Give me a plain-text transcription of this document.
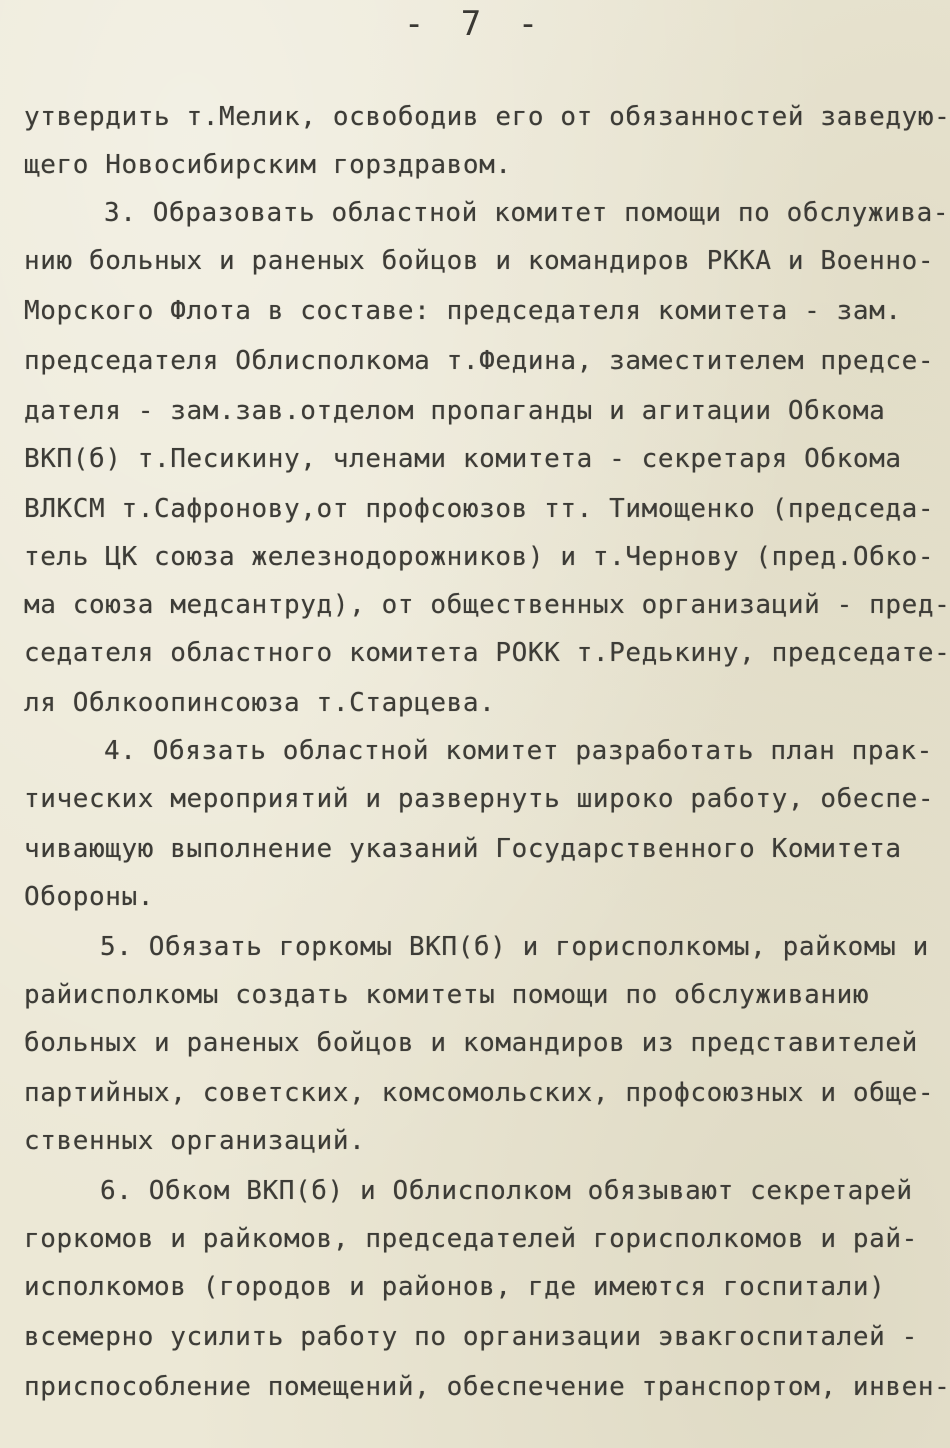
- 7 -
утвердить т.Мелик, освободив его от обязанностей заведую-
щего Новосибирским горздравом.
3. Образовать областной комитет помощи по обслужива-
нию больных и раненых бойцов и командиров РККА и Военно-
Морского Флота в составе: председателя комитета - зам.
председателя Облисполкома т.Федина, заместителем предсе-
дателя - зам.зав.отделом пропаганды и агитации Обкома
ВКП(б) т.Песикину, членами комитета - секретаря Обкома
ВЛКСМ т.Сафронову,от профсоюзов тт. Тимощенко (председа-
тель ЦК союза железнодорожников) и т.Чернову (пред.Обко-
ма союза медсантруд), от общественных организаций - пред-
седателя областного комитета РОКК т.Редькину, председате-
ля Облкоопинсоюза т.Старцева.
4. Обязать областной комитет разработать план прак-
тических мероприятий и развернуть широко работу, обеспе-
чивающую выполнение указаний Государственного Комитета
Обороны.
5. Обязать горкомы ВКП(б) и горисполкомы, райкомы и
райисполкомы создать комитеты помощи по обслуживанию
больных и раненых бойцов и командиров из представителей
партийных, советских, комсомольских, профсоюзных и обще-
ственных организаций.
6. Обком ВКП(б) и Облисполком обязывают секретарей
горкомов и райкомов, председателей горисполкомов и рай-
исполкомов (городов и районов, где имеются госпитали)
всемерно усилить работу по организации эвакгоспиталей -
приспособление помещений, обеспечение транспортом, инвен-
